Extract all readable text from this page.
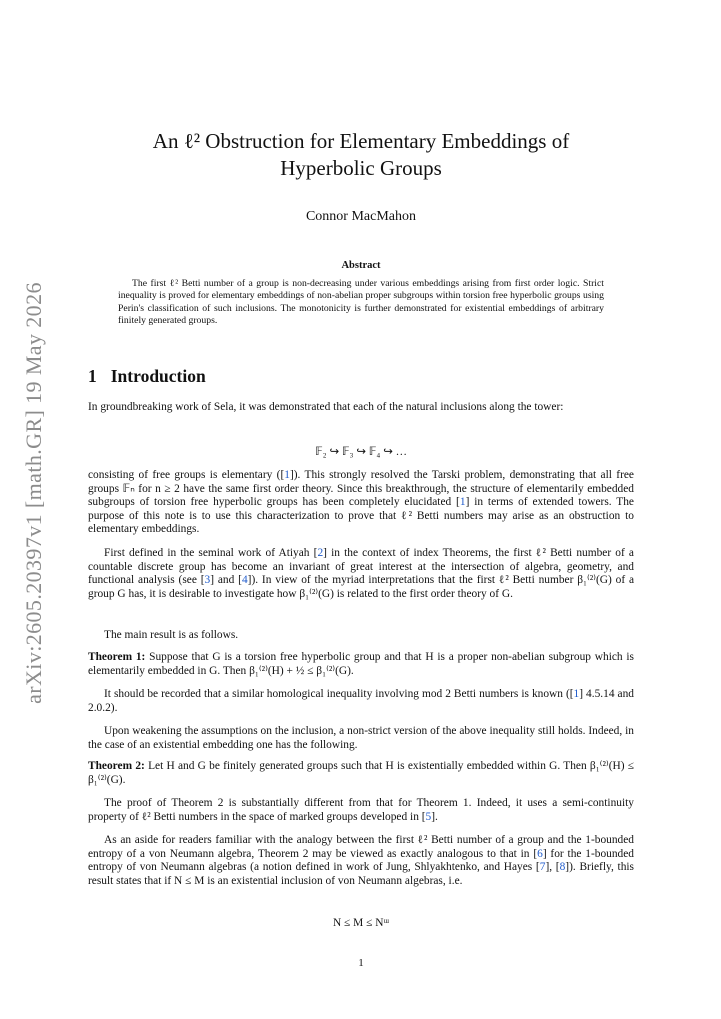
arXiv:2605.20397v1 [math.GR] 19 May 2026
An ℓ² Obstruction for Elementary Embeddings of
Hyperbolic Groups
Connor MacMahon
Abstract

The first ℓ² Betti number of a group is non-decreasing under various embeddings arising from first order logic. Strict inequality is proved for elementary embeddings of non-abelian proper subgroups within torsion free hyperbolic groups using Perin's classification of such inclusions. The monotonicity is further demonstrated for existential embeddings of arbitrary finitely generated groups.

1 Introduction

In groundbreaking work of Sela, it was demonstrated that each of the natural inclusions along the tower:

𝔽₂ ↪ 𝔽₃ ↪ 𝔽₄ ↪ …

consisting of free groups is elementary ([1]). This strongly resolved the Tarski problem, demonstrating that all free groups 𝔽ₙ for n ≥ 2 have the same first order theory. Since this breakthrough, the structure of elementarily embedded subgroups of torsion free hyperbolic groups has been completely elucidated [1] in terms of extended towers. The purpose of this note is to use this characterization to prove that ℓ² Betti numbers may arise as an obstruction to elementary embeddings.

First defined in the seminal work of Atiyah [2] in the context of index Theorems, the first ℓ² Betti number of a countable discrete group has become an invariant of great interest at the intersection of algebra, geometry, and functional analysis (see [3] and [4]). In view of the myriad interpretations that the first ℓ² Betti number β₁⁽²⁾(G) of a group G has, it is desirable to investigate how β₁⁽²⁾(G) is related to the first order theory of G.

The main result is as follows.

Theorem 1: Suppose that G is a torsion free hyperbolic group and that H is a proper non-abelian subgroup which is elementarily embedded in G. Then β₁⁽²⁾(H) + ½ ≤ β₁⁽²⁾(G).

It should be recorded that a similar homological inequality involving mod 2 Betti numbers is known ([1] 4.5.14 and 2.0.2).

Upon weakening the assumptions on the inclusion, a non-strict version of the above inequality still holds. Indeed, in the case of an existential embedding one has the following.

Theorem 2: Let H and G be finitely generated groups such that H is existentially embedded within G. Then β₁⁽²⁾(H) ≤ β₁⁽²⁾(G).

The proof of Theorem 2 is substantially different from that for Theorem 1. Indeed, it uses a semi-continuity property of ℓ² Betti numbers in the space of marked groups developed in [5].

As an aside for readers familiar with the analogy between the first ℓ² Betti number of a group and the 1-bounded entropy of a von Neumann algebra, Theorem 2 may be viewed as exactly analogous to that in [6] for the 1-bounded entropy of von Neumann algebras (a notion defined in work of Jung, Shlyakhtenko, and Hayes [7], [8]). Briefly, this result states that if N ≤ M is an existential inclusion of von Neumann algebras, i.e.

N ≤ M ≤ Nᵚ
1
